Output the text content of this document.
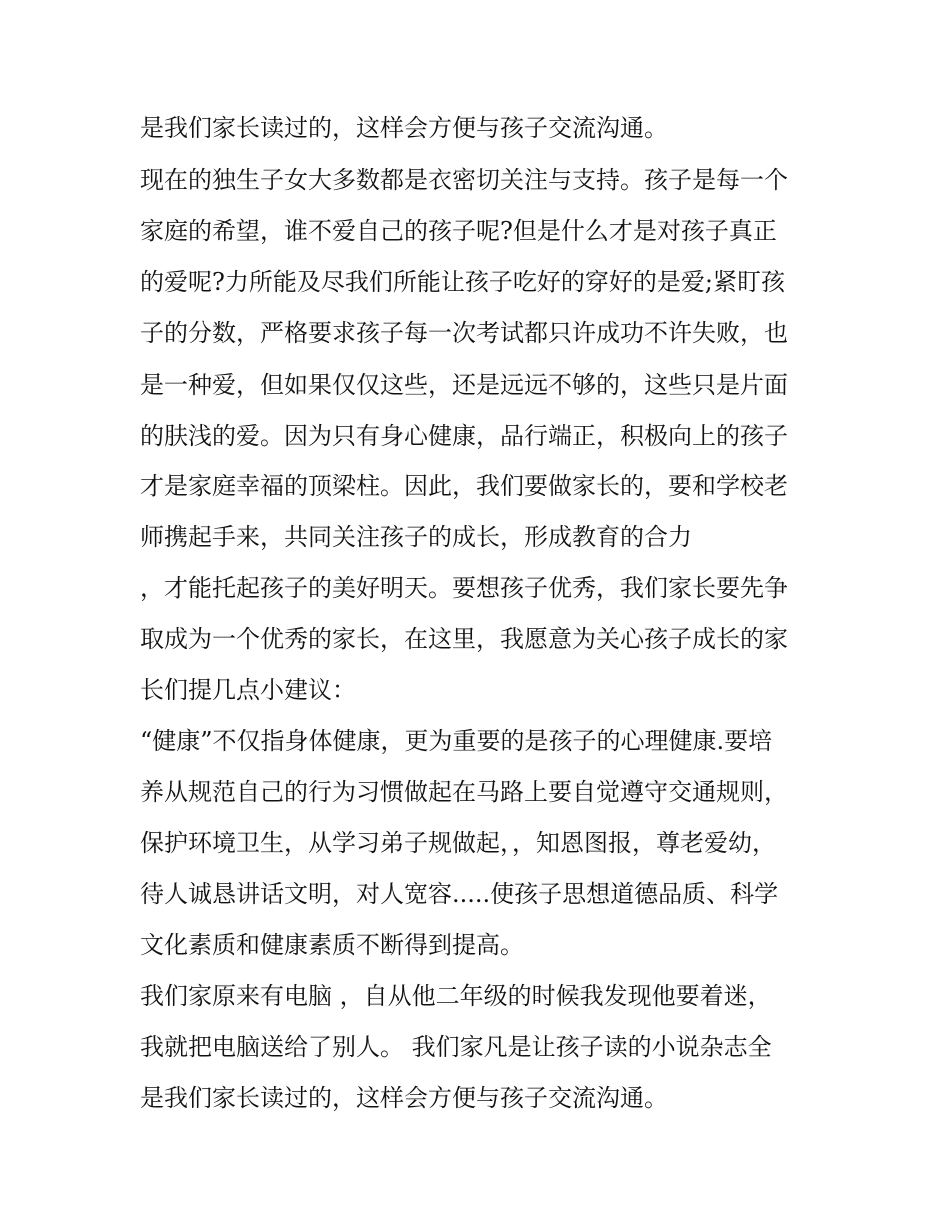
是我们家长读过的，这样会方便与孩子交流沟通。
现在的独生子女大多数都是衣密切关注与支持。孩子是每一个
家庭的希望，谁不爱自己的孩子呢?但是什么才是对孩子真正
的爱呢?力所能及尽我们所能让孩子吃好的穿好的是爱;紧盯孩
子的分数，严格要求孩子每一次考试都只许成功不许失败，也
是一种爱，但如果仅仅这些，还是远远不够的，这些只是片面
的肤浅的爱。因为只有身心健康，品行端正，积极向上的孩子
才是家庭幸福的顶梁柱。因此，我们要做家长的，要和学校老
师携起手来，共同关注孩子的成长，形成教育的合力
，才能托起孩子的美好明天。要想孩子优秀，我们家长要先争
取成为一个优秀的家长，在这里，我愿意为关心孩子成长的家
长们提几点小建议：
“健康”不仅指身体健康，更为重要的是孩子的心理健康.要培
养从规范自己的行为习惯做起在马路上要自觉遵守交通规则，
保护环境卫生，从学习弟子规做起，，知恩图报，尊老爱幼，
待人诚恳讲话文明，对人宽容.....使孩子思想道德品质、科学
文化素质和健康素质不断得到提高。
我们家原来有电脑 ，自从他二年级的时候我发现他要着迷，
我就把电脑送给了别人。 我们家凡是让孩子读的小说杂志全
是我们家长读过的，这样会方便与孩子交流沟通。
